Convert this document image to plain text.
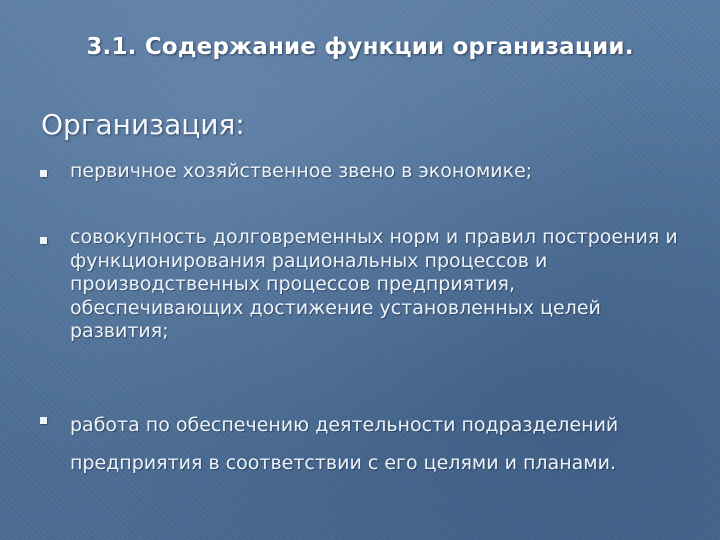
3.1. Содержание функции организации.
Организация:
первичное хозяйственное звено в экономике;
совокупность долговременных норм и правил построения и функционирования рациональных процессов и производственных процессов предприятия, обеспечивающих достижение установленных целей развития;
работа по обеспечению деятельности подразделений предприятия в соответствии с его целями и планами.
